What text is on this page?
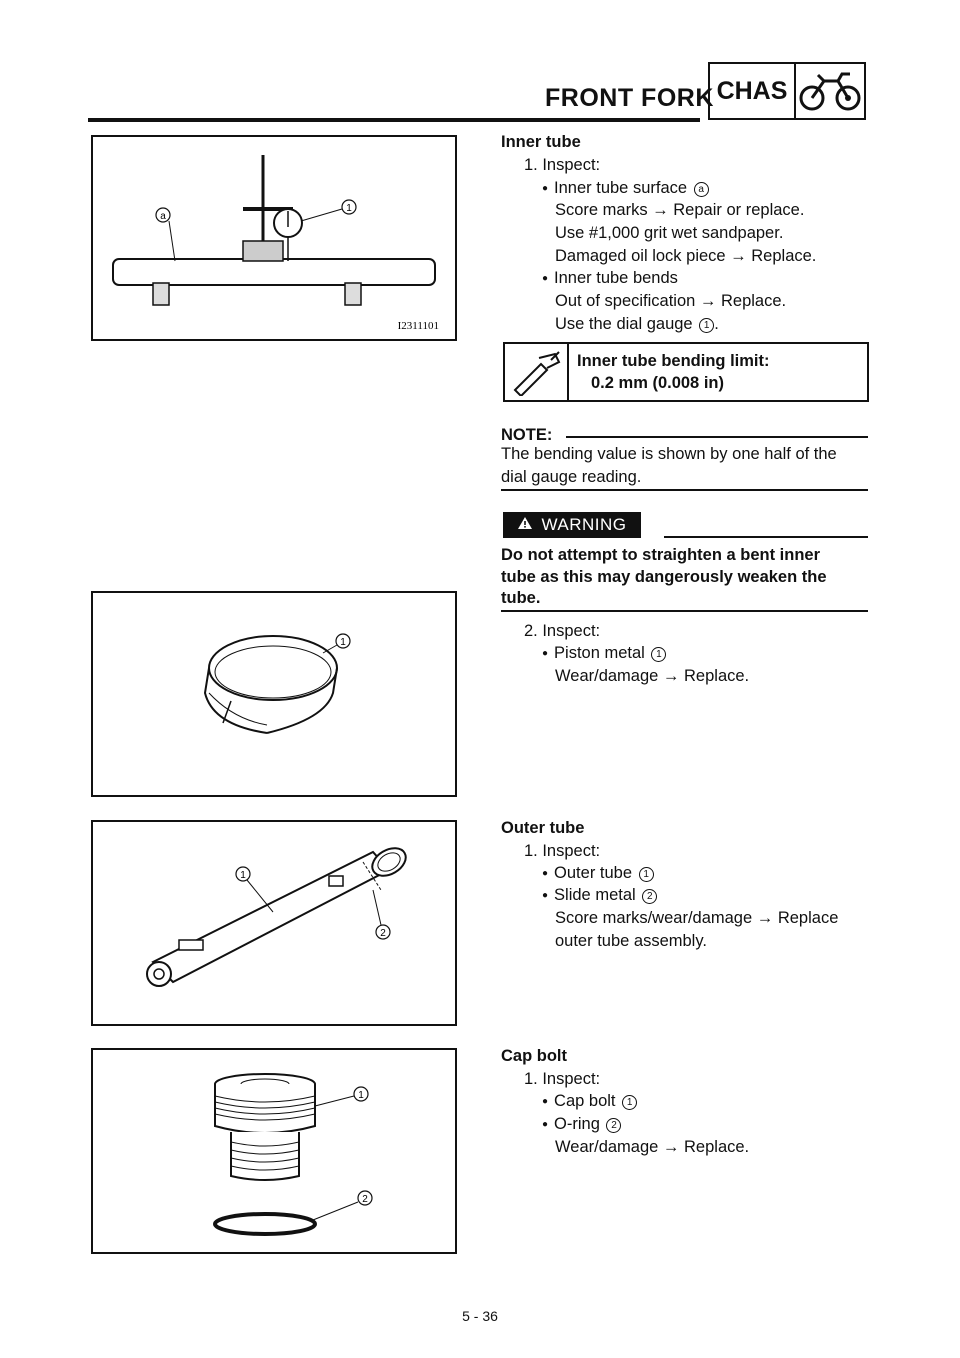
FRONT FORK CHAS
a
1
I2311101
Inner tube
1. Inspect:
● Inner tube surface a
Score marks → Repair or replace.
Use #1,000 grit wet sandpaper.
Damaged oil lock piece → Replace.
● Inner tube bends
Out of specification → Replace.
Use the dial gauge 1 .
Inner tube bending limit:
0.2 mm (0.008 in)
NOTE:
The bending value is shown by one half of the
dial gauge reading.
WARNING
Do not attempt to straighten a bent inner
tube as this may dangerously weaken the
tube.
1
2. Inspect:
● Piston metal 1
Wear/damage → Replace.
1
2
Outer tube
1. Inspect:
● Outer tube 1
● Slide metal 2
Score marks/wear/damage → Replace
outer tube assembly.
1
2
Cap bolt
1. Inspect:
● Cap bolt 1
● O-ring 2
Wear/damage → Replace.
5 - 36
